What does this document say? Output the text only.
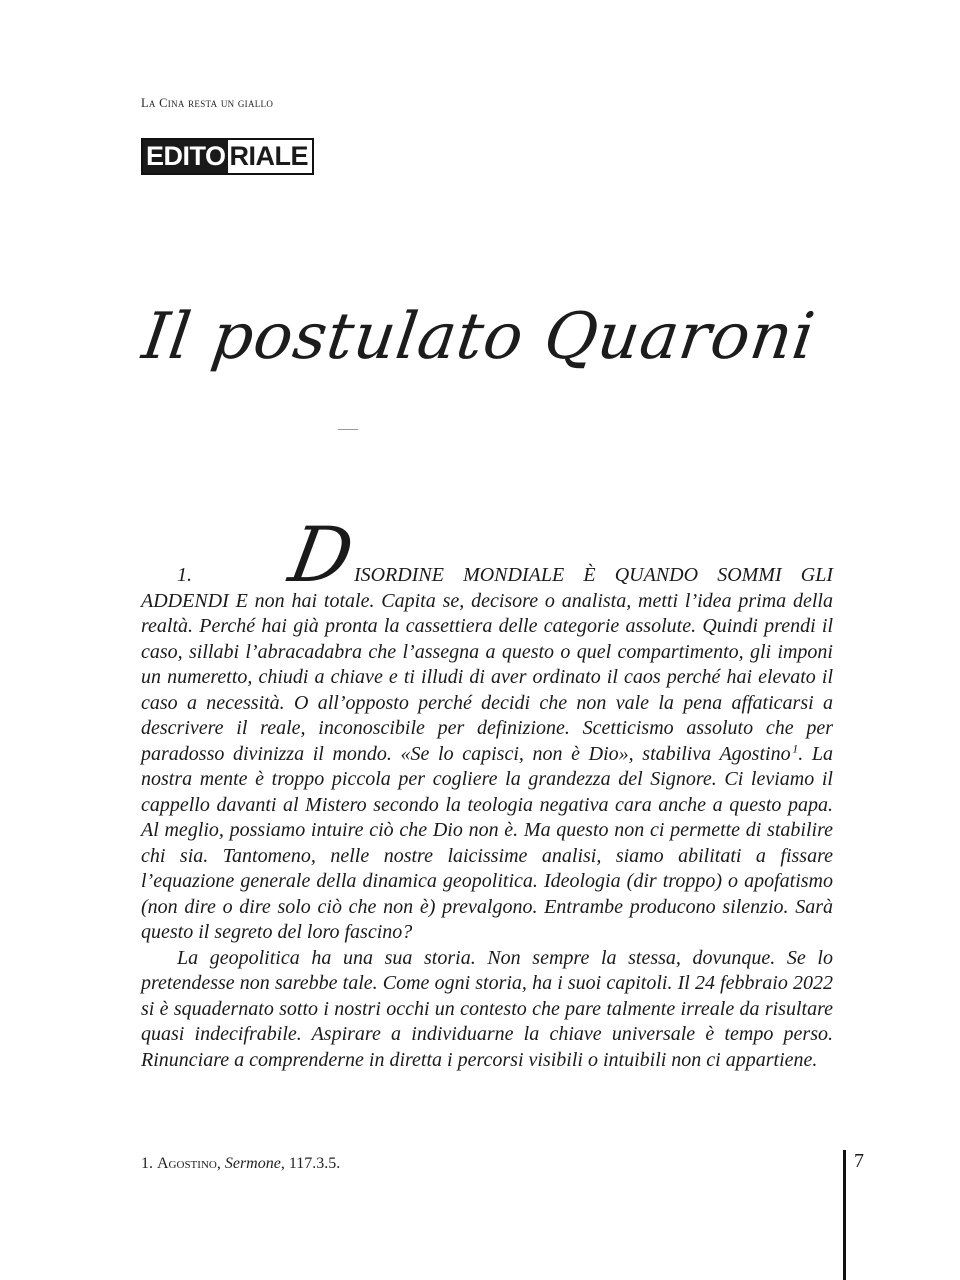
La Cina resta un giallo
EDITO RIALE
Il postulato Quaroni

1. DISORDINE MONDIALE È QUANDO SOMMI GLI ADDENDI E non hai totale. Capita se, decisore o analista, metti l’idea prima della realtà. Perché hai già pronta la cassettiera delle categorie assolute. Quindi prendi il caso, sillabi l’abracadabra che l’assegna a questo o quel compartimento, gli imponi un numeretto, chiudi a chiave e ti illudi di aver ordinato il caos perché hai elevato il caso a necessità. O all’opposto perché decidi che non vale la pena affaticarsi a descrivere il reale, inconoscibile per definizione. Scetticismo assoluto che per paradosso divinizza il mondo. «Se lo capisci, non è Dio», stabiliva Agostino  $^1$. La nostra mente è troppo piccola per cogliere la grandezza del Signore. Ci leviamo il cappello davanti al Mistero secondo la teologia negativa cara anche a questo papa. Al meglio, possiamo intuire ciò che Dio non è. Ma questo non ci permette di stabilire chi sia. Tantomeno, nelle nostre laicissime analisi, siamo abilitati a fissare l’equazione generale della dinamica geopolitica. Ideologia (dir troppo) o apofatismo (non dire o dire solo ciò che non è) prevalgono. Entrambe producono silenzio. Sarà questo il segreto del loro fascino?

La geopolitica ha una sua storia. Non sempre la stessa, dovunque. Se lo pretendesse non sarebbe tale. Come ogni storia, ha i suoi capitoli. Il 24 febbraio 2022 si è squadernato sotto i nostri occhi un contesto che pare talmente irreale da risultare quasi indecifrabile. Aspirare a individuarne la chiave universale è tempo perso. Rinunciare a comprenderne in diretta i percorsi visibili o intuibili non ci appartiene.

1. Agostino, Sermone, 117.3.5.	7
